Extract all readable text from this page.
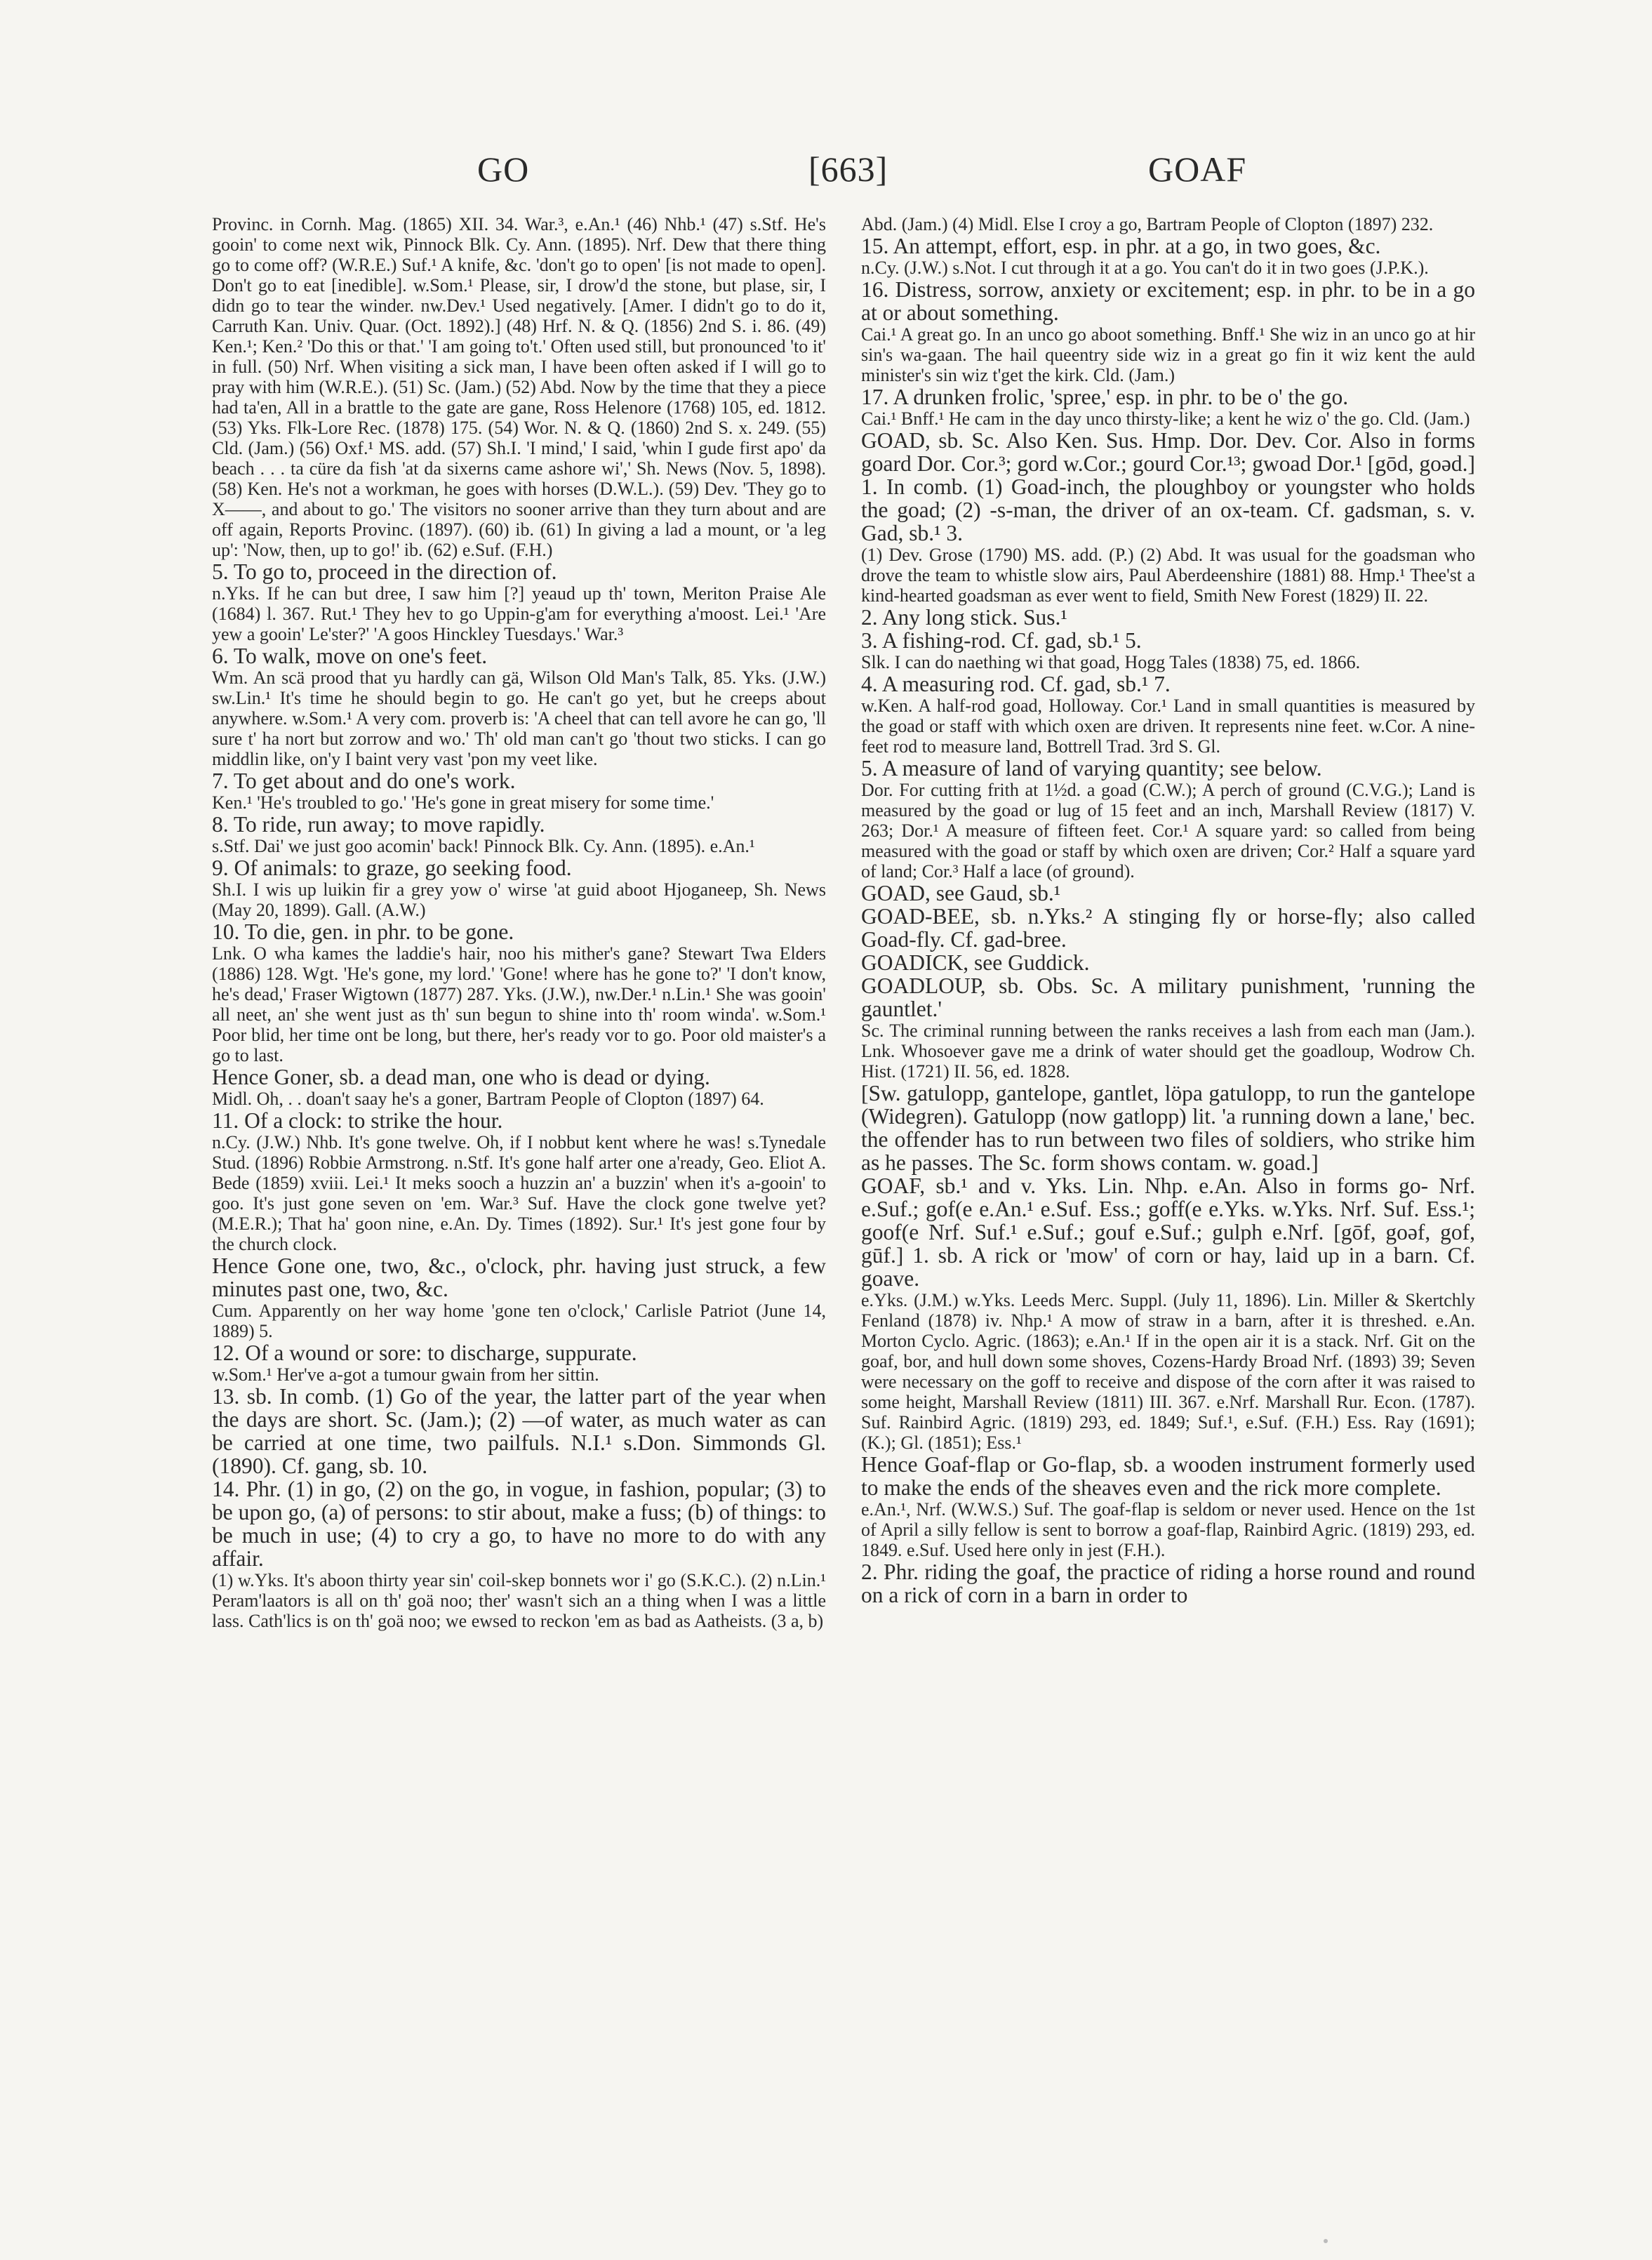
GO	[663]	GOAF

Provinc. in Cornh. Mag. (1865) XII. 34. War.³, e.An.¹ (46) Nhb.¹ (47) s.Stf. He's gooin' to come next wik, Pinnock Blk. Cy. Ann. (1895). Nrf. Dew that there thing go to come off? (W.R.E.) Suf.¹ A knife, &c. 'don't go to open' [is not made to open]. Don't go to eat [inedible]. w.Som.¹ Please, sir, I drow'd the stone, but plase, sir, I didn go to tear the winder. nw.Dev.¹ Used negatively. [Amer. I didn't go to do it, Carruth Kan. Univ. Quar. (Oct. 1892).] (48) Hrf. N. & Q. (1856) 2nd S. i. 86. (49) Ken.¹; Ken.² 'Do this or that.' 'I am going to't.' Often used still, but pronounced 'to it' in full. (50) Nrf. When visiting a sick man, I have been often asked if I will go to pray with him (W.R.E.). (51) Sc. (Jam.) (52) Abd. Now by the time that they a piece had ta'en, All in a brattle to the gate are gane, Ross Helenore (1768) 105, ed. 1812. (53) Yks. Flk-Lore Rec. (1878) 175. (54) Wor. N. & Q. (1860) 2nd S. x. 249. (55) Cld. (Jam.) (56) Oxf.¹ MS. add. (57) Sh.I. 'I mind,' I said, 'whin I gude first apo' da beach . . . ta cüre da fish 'at da sixerns came ashore wi',' Sh. News (Nov. 5, 1898). (58) Ken. He's not a workman, he goes with horses (D.W.L.). (59) Dev. 'They go to X——, and about to go.' The visitors no sooner arrive than they turn about and are off again, Reports Provinc. (1897). (60) ib. (61) In giving a lad a mount, or 'a leg up': 'Now, then, up to go!' ib. (62) e.Suf. (F.H.)

5. To go to, proceed in the direction of.

n.Yks. If he can but dree, I saw him [?] yeaud up th' town, Meriton Praise Ale (1684) l. 367. Rut.¹ They hev to go Uppin-g'am for everything a'moost. Lei.¹ 'Are yew a gooin' Le'ster?' 'A goos Hinckley Tuesdays.' War.³

6. To walk, move on one's feet.

Wm. An scä prood that yu hardly can gä, Wilson Old Man's Talk, 85. Yks. (J.W.) sw.Lin.¹ It's time he should begin to go. He can't go yet, but he creeps about anywhere. w.Som.¹ A very com. proverb is: 'A cheel that can tell avore he can go, 'll sure t' ha nort but zorrow and wo.' Th' old man can't go 'thout two sticks. I can go middlin like, on'y I baint very vast 'pon my veet like.

7. To get about and do one's work.

Ken.¹ 'He's troubled to go.' 'He's gone in great misery for some time.'

8. To ride, run away; to move rapidly.

s.Stf. Dai' we just goo acomin' back! Pinnock Blk. Cy. Ann. (1895). e.An.¹

9. Of animals: to graze, go seeking food.

Sh.I. I wis up luikin fir a grey yow o' wirse 'at guid aboot Hjoganeep, Sh. News (May 20, 1899). Gall. (A.W.)

10. To die, gen. in phr. to be gone.

Lnk. O wha kames the laddie's hair, noo his mither's gane? Stewart Twa Elders (1886) 128. Wgt. 'He's gone, my lord.' 'Gone! where has he gone to?' 'I don't know, he's dead,' Fraser Wigtown (1877) 287. Yks. (J.W.), nw.Der.¹ n.Lin.¹ She was gooin' all neet, an' she went just as th' sun begun to shine into th' room winda'. w.Som.¹ Poor blid, her time ont be long, but there, her's ready vor to go. Poor old maister's a go to last.

Hence Goner, sb. a dead man, one who is dead or dying.

Midl. Oh, . . doan't saay he's a goner, Bartram People of Clopton (1897) 64.

11. Of a clock: to strike the hour.

n.Cy. (J.W.) Nhb. It's gone twelve. Oh, if I nobbut kent where he was! s.Tynedale Stud. (1896) Robbie Armstrong. n.Stf. It's gone half arter one a'ready, Geo. Eliot A. Bede (1859) xviii. Lei.¹ It meks sooch a huzzin an' a buzzin' when it's a-gooin' to goo. It's just gone seven on 'em. War.³ Suf. Have the clock gone twelve yet? (M.E.R.); That ha' goon nine, e.An. Dy. Times (1892). Sur.¹ It's jest gone four by the church clock.

Hence Gone one, two, &c., o'clock, phr. having just struck, a few minutes past one, two, &c.

Cum. Apparently on her way home 'gone ten o'clock,' Carlisle Patriot (June 14, 1889) 5.

12. Of a wound or sore: to discharge, suppurate.

w.Som.¹ Her've a-got a tumour gwain from her sittin.

13. sb. In comb. (1) Go of the year, the latter part of the year when the days are short. Sc. (Jam.); (2) —of water, as much water as can be carried at one time, two pailfuls. N.I.¹ s.Don. Simmonds Gl. (1890). Cf. gang, sb. 10.

14. Phr. (1) in go, (2) on the go, in vogue, in fashion, popular; (3) to be upon go, (a) of persons: to stir about, make a fuss; (b) of things: to be much in use; (4) to cry a go, to have no more to do with any affair.

(1) w.Yks. It's aboon thirty year sin' coil-skep bonnets wor i' go (S.K.C.). (2) n.Lin.¹ Peram'laators is all on th' goä noo; ther' wasn't sich an a thing when I was a little lass. Cath'lics is on th' goä noo; we ewsed to reckon 'em as bad as Aatheists. (3 a, b)

Abd. (Jam.) (4) Midl. Else I croy a go, Bartram People of Clopton (1897) 232.

15. An attempt, effort, esp. in phr. at a go, in two goes, &c.

n.Cy. (J.W.) s.Not. I cut through it at a go. You can't do it in two goes (J.P.K.).

16. Distress, sorrow, anxiety or excitement; esp. in phr. to be in a go at or about something.

Cai.¹ A great go. In an unco go aboot something. Bnff.¹ She wiz in an unco go at hir sin's wa-gaan. The hail queentry side wiz in a great go fin it wiz kent the auld minister's sin wiz t'get the kirk. Cld. (Jam.)

17. A drunken frolic, 'spree,' esp. in phr. to be o' the go.

Cai.¹ Bnff.¹ He cam in the day unco thirsty-like; a kent he wiz o' the go. Cld. (Jam.)

GOAD, sb. Sc. Also Ken. Sus. Hmp. Dor. Dev. Cor. Also in forms goard Dor. Cor.³; gord w.Cor.; gourd Cor.¹³; gwoad Dor.¹ [gōd, goəd.] 1. In comb. (1) Goad-inch, the ploughboy or youngster who holds the goad; (2) -s-man, the driver of an ox-team. Cf. gadsman, s. v. Gad, sb.¹ 3.

(1) Dev. Grose (1790) MS. add. (P.) (2) Abd. It was usual for the goadsman who drove the team to whistle slow airs, Paul Aberdeenshire (1881) 88. Hmp.¹ Thee'st a kind-hearted goadsman as ever went to field, Smith New Forest (1829) II. 22.

2. Any long stick. Sus.¹

3. A fishing-rod. Cf. gad, sb.¹ 5.

Slk. I can do naething wi that goad, Hogg Tales (1838) 75, ed. 1866.

4. A measuring rod. Cf. gad, sb.¹ 7.

w.Ken. A half-rod goad, Holloway. Cor.¹ Land in small quantities is measured by the goad or staff with which oxen are driven. It represents nine feet. w.Cor. A nine-feet rod to measure land, Bottrell Trad. 3rd S. Gl.

5. A measure of land of varying quantity; see below.

Dor. For cutting frith at 1½d. a goad (C.W.); A perch of ground (C.V.G.); Land is measured by the goad or lug of 15 feet and an inch, Marshall Review (1817) V. 263; Dor.¹ A measure of fifteen feet. Cor.¹ A square yard: so called from being measured with the goad or staff by which oxen are driven; Cor.² Half a square yard of land; Cor.³ Half a lace (of ground).

GOAD, see Gaud, sb.¹

GOAD-BEE, sb. n.Yks.² A stinging fly or horse-fly; also called Goad-fly. Cf. gad-bree.

GOADICK, see Guddick.

GOADLOUP, sb. Obs. Sc. A military punishment, 'running the gauntlet.'

Sc. The criminal running between the ranks receives a lash from each man (Jam.). Lnk. Whosoever gave me a drink of water should get the goadloup, Wodrow Ch. Hist. (1721) II. 56, ed. 1828.

[Sw. gatulopp, gantelope, gantlet, löpa gatulopp, to run the gantelope (Widegren). Gatulopp (now gatlopp) lit. 'a running down a lane,' bec. the offender has to run between two files of soldiers, who strike him as he passes. The Sc. form shows contam. w. goad.]

GOAF, sb.¹ and v. Yks. Lin. Nhp. e.An. Also in forms go- Nrf. e.Suf.; gof(e e.An.¹ e.Suf. Ess.; goff(e e.Yks. w.Yks. Nrf. Suf. Ess.¹; goof(e Nrf. Suf.¹ e.Suf.; gouf e.Suf.; gulph e.Nrf. [gōf, goəf, gof, gūf.] 1. sb. A rick or 'mow' of corn or hay, laid up in a barn. Cf. goave.

e.Yks. (J.M.) w.Yks. Leeds Merc. Suppl. (July 11, 1896). Lin. Miller & Skertchly Fenland (1878) iv. Nhp.¹ A mow of straw in a barn, after it is threshed. e.An. Morton Cyclo. Agric. (1863); e.An.¹ If in the open air it is a stack. Nrf. Git on the goaf, bor, and hull down some shoves, Cozens-Hardy Broad Nrf. (1893) 39; Seven were necessary on the goff to receive and dispose of the corn after it was raised to some height, Marshall Review (1811) III. 367. e.Nrf. Marshall Rur. Econ. (1787). Suf. Rainbird Agric. (1819) 293, ed. 1849; Suf.¹, e.Suf. (F.H.) Ess. Ray (1691); (K.); Gl. (1851); Ess.¹

Hence Goaf-flap or Go-flap, sb. a wooden instrument formerly used to make the ends of the sheaves even and the rick more complete.

e.An.¹, Nrf. (W.W.S.) Suf. The goaf-flap is seldom or never used. Hence on the 1st of April a silly fellow is sent to borrow a goaf-flap, Rainbird Agric. (1819) 293, ed. 1849. e.Suf. Used here only in jest (F.H.).

2. Phr. riding the goaf, the practice of riding a horse round and round on a rick of corn in a barn in order to
